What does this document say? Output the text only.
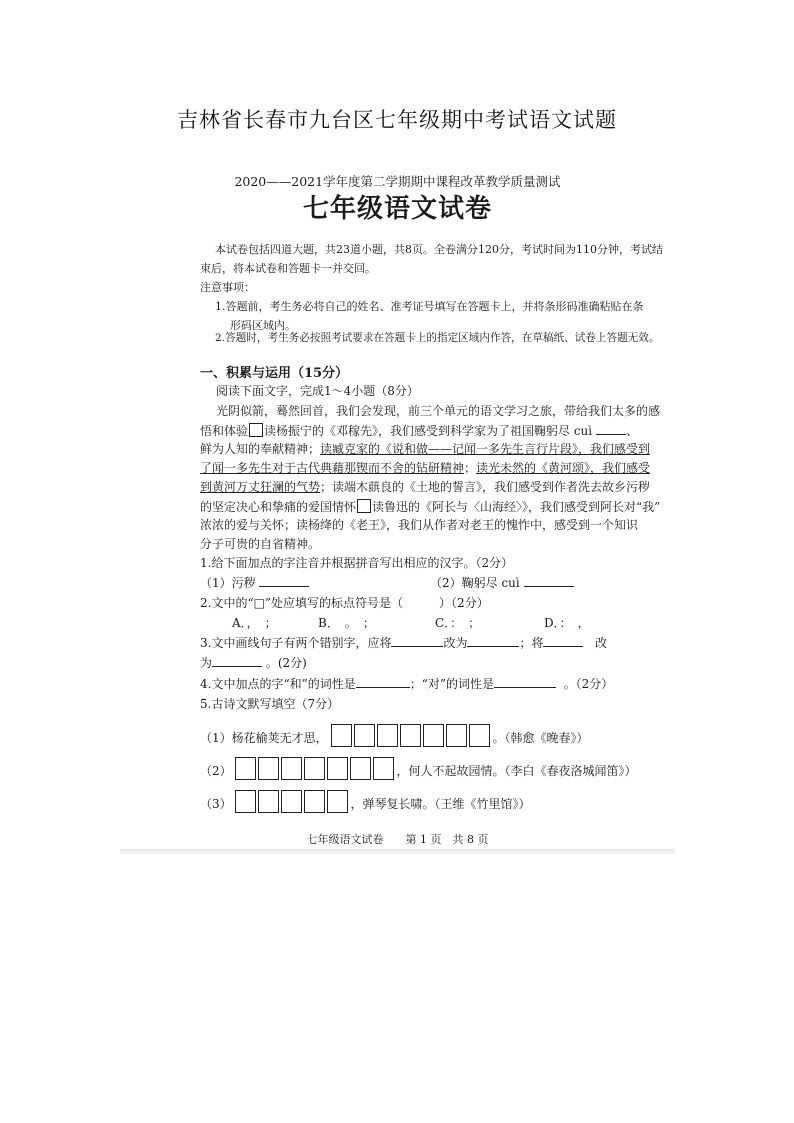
吉林省长春市九台区七年级期中考试语文试题
2020——2021学年度第二学期期中课程改革教学质量测试
七年级语文试卷
本试卷包括四道大题，共23道小题，共8页。全卷满分120分，考试时间为110分钟，考试结
束后，将本试卷和答题卡一并交回。
注意事项：
1.答题前，考生务必将自己的姓名、准考证号填写在答题卡上，并将条形码准确粘贴在条
形码区域内。
2.答题时，考生务必按照考试要求在答题卡上的指定区域内作答，在草稿纸、试卷上答题无效。
一、积累与运用（15分）
阅读下面文字，完成1～4小题（8分）
光阴似箭，蓦然回首，我们会发现，前三个单元的语文学习之旅，带给我们太多的感
悟和体验 读杨振宁的《邓稼先》，我们感受到科学家为了祖国鞠躬尽 cuì	、
鲜为人知的奉献精神；读臧克家的《说和做——记闻一多先生言行片段》，我们感受到
了闻一多先生对于古代典藉那锲而不舍的钻研精神；读光未然的《黄河颂》，我们感受
到黄河万丈狂澜的气势；读端木蕻良的《土地的誓言》，我们感受到作者洗去故乡污秽
的坚定决心和挚痛的爱国情怀 读鲁迅的《阿长与〈山海经〉》，我们感受到阿长对“我”
浓浓的爱与关怀；读杨绛的《老王》，我们从作者对老王的愧怍中，感受到一个知识
分子可贵的自省精神。
1.给下面加点的字注音并根据拼音写出相应的汉字。（2分）
（1）污秽	（2）鞠躬尽 cuì
2.文中的“□”处应填写的标点符号是（　　　）（2分）
A．，　；	B．　。　；	C．：　；	D．：　，
3.文中画线句子有两个错别字，应将	改为	；将	改
为	。(2分)
4.文中加点的字“和”的词性是	；“对”的词性是	。（2分）
5.古诗文默写填空（7分）
（1）杨花榆荚无才思，	。（韩愈《晚春》）
（2）	，何人不起故园情。（李白《春夜洛城闻笛》）
（3）	，弹琴复长啸。（王维《竹里馆》）
七年级语文试卷　　第 1 页　共 8 页
